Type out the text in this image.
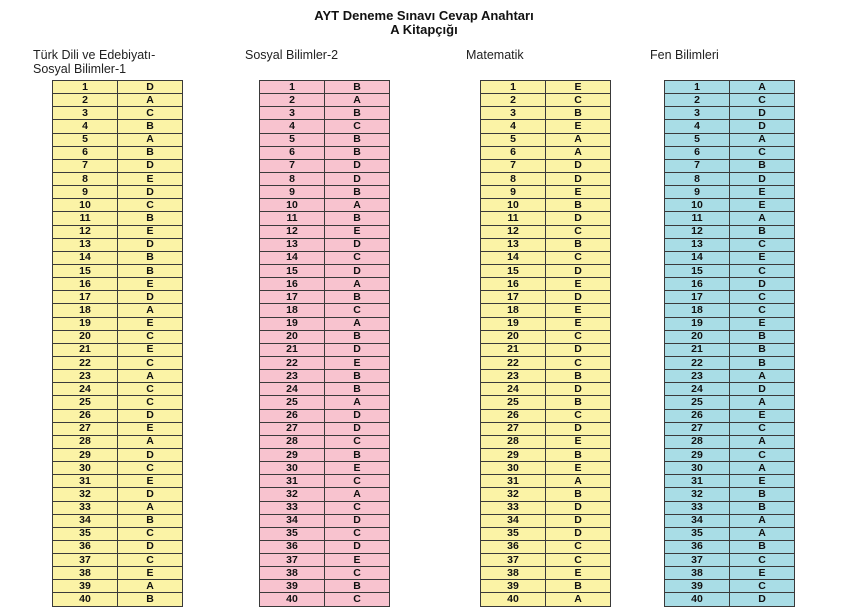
AYT Deneme Sınavı Cevap Anahtarı
A Kitapçığı
Türk Dili ve Edebiyatı-
Sosyal Bilimler-1
Sosyal Bilimler-2	Matematik	Fen Bilimleri
1	D
2	A
3	C
4	B
5	A
6	B
7	D
8	E
9	D
10	C
11	B
12	E
13	D
14	B
15	B
16	E
17	D
18	A
19	E
20	C
21	E
22	C
23	A
24	C
25	C
26	D
27	E
28	A
29	D
30	C
31	E
32	D
33	A
34	B
35	C
36	D
37	C
38	E
39	A
40	B
1	B
2	A
3	B
4	C
5	B
6	B
7	D
8	D
9	B
10	A
11	B
12	E
13	D
14	C
15	D
16	A
17	B
18	C
19	A
20	B
21	D
22	E
23	B
24	B
25	A
26	D
27	D
28	C
29	B
30	E
31	C
32	A
33	C
34	D
35	C
36	D
37	E
38	C
39	B
40	C
1	E
2	C
3	B
4	E
5	A
6	A
7	D
8	D
9	E
10	B
11	D
12	C
13	B
14	C
15	D
16	E
17	D
18	E
19	E
20	C
21	D
22	C
23	B
24	D
25	B
26	C
27	D
28	E
29	B
30	E
31	A
32	B
33	D
34	D
35	D
36	C
37	C
38	E
39	B
40	A
1	A
2	C
3	D
4	D
5	A
6	C
7	B
8	D
9	E
10	E
11	A
12	B
13	C
14	E
15	C
16	D
17	C
18	C
19	E
20	B
21	B
22	B
23	A
24	D
25	A
26	E
27	C
28	A
29	C
30	A
31	E
32	B
33	B
34	A
35	A
36	B
37	C
38	E
39	C
40	D
